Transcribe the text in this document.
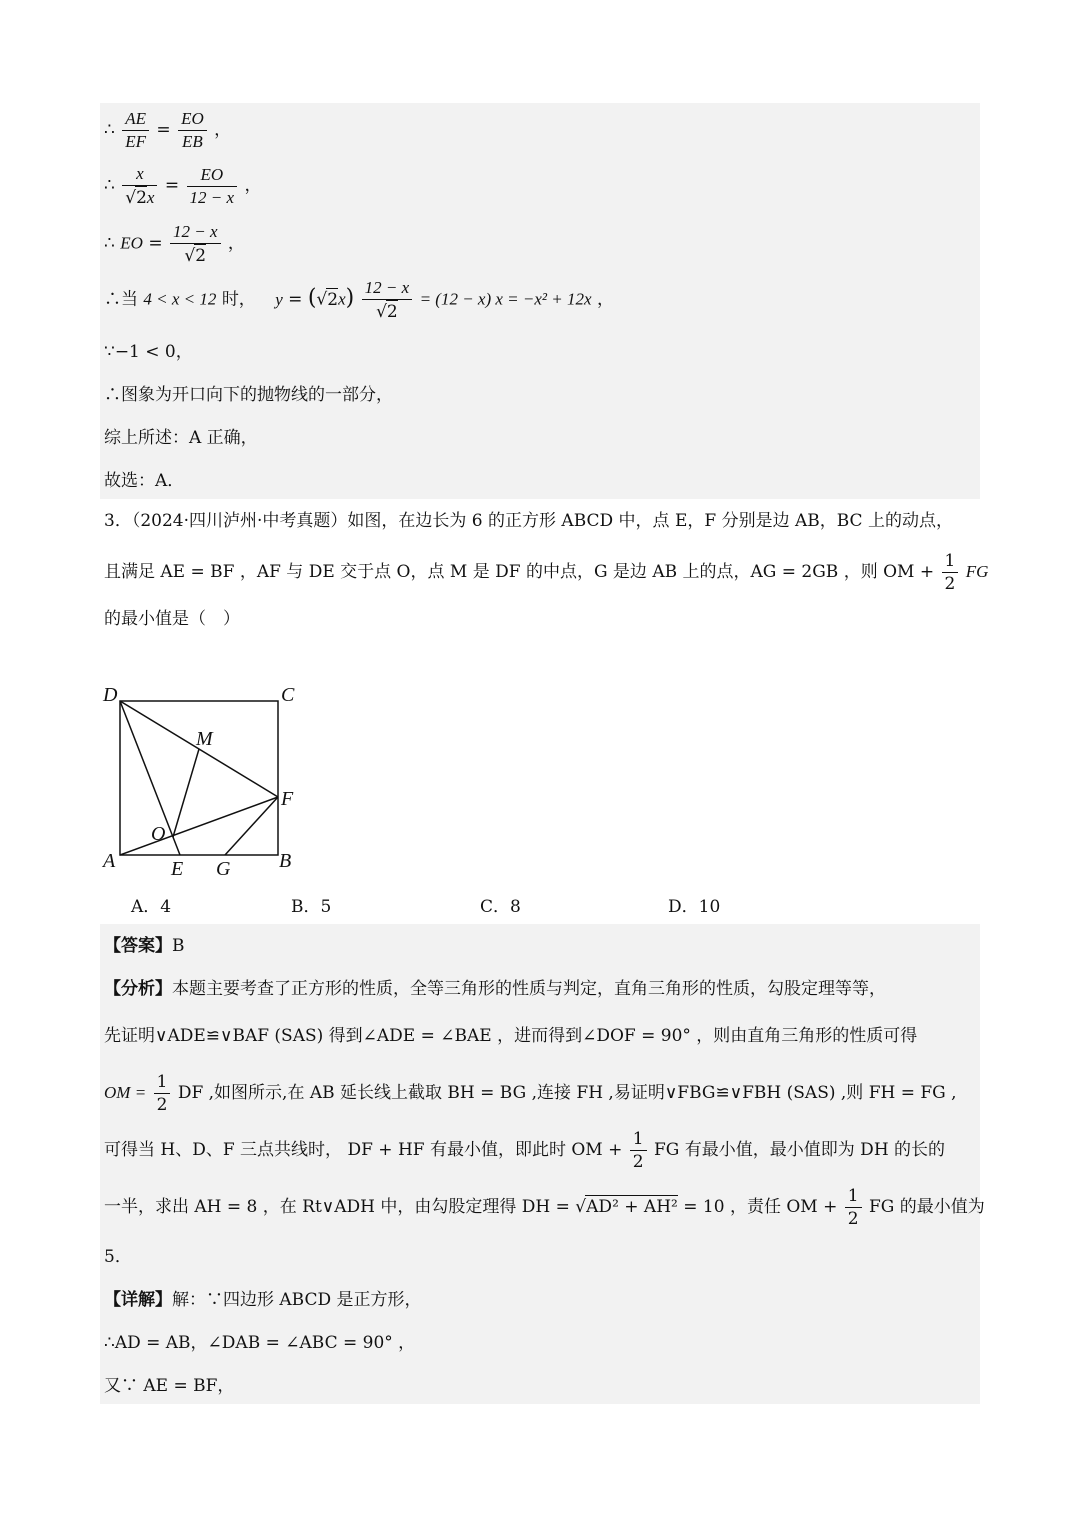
∴ $\frac{AE}{EF} = \frac{EO}{EB}$ ，
∴ $\frac{x}{√2x} = \frac{EO}{12 - x}$ ，
∴ EO = $\frac{12 - x}{√2}$ ，
∴当 4 < x < 12 时， $y = (√2x) \frac{12 - x}{√2} = (12 - x) x = -x^2 + 12x$ ，
∵−1 < 0，
∴图象为开口向下的抛物线的一部分，
综上所述：A 正确，
故选：A．
3．（2024·四川泸州·中考真题）如图，在边长为 6 的正方形 ABCD 中，点 E，F 分别是边 AB，BC 上的动点，
且满足 AE = BF ，AF 与 DE 交于点 O，点 M 是 DF 的中点，G 是边 AB 上的点，AG = 2GB ，则 OM + $\frac{1}{2}$ FG
的最小值是（　）
D	C
M
F
O
A	E G B
A．4	B．5	C．8	D．10
【答案】B
【分析】本题主要考查了正方形的性质，全等三角形的性质与判定，直角三角形的性质，勾股定理等等，
先证明∨ADE≌∨BAF (SAS) 得到∠ADE = ∠BAE ，进而得到∠DOF = 90° ，则由直角三角形的性质可得
OM = $\frac{1}{2}$ DF ,如图所示,在 AB 延长线上截取 BH = BG ,连接 FH ,易证明∨FBG≌∨FBH (SAS) ,则 FH = FG ,
可得当 H、D、F 三点共线时， DF + HF 有最小值，即此时 OM + $\frac{1}{2}$ FG 有最小值，最小值即为 DH 的长的
一半，求出 AH = 8 ，在 Rt∨ADH 中，由勾股定理得 DH = √AD² + AH² = 10 ，责任 OM + $\frac{1}{2}$ FG 的最小值为
5．
【详解】解：∵四边形 ABCD 是正方形，
∴AD = AB，∠DAB = ∠ABC = 90° ，
又∵ AE = BF，
